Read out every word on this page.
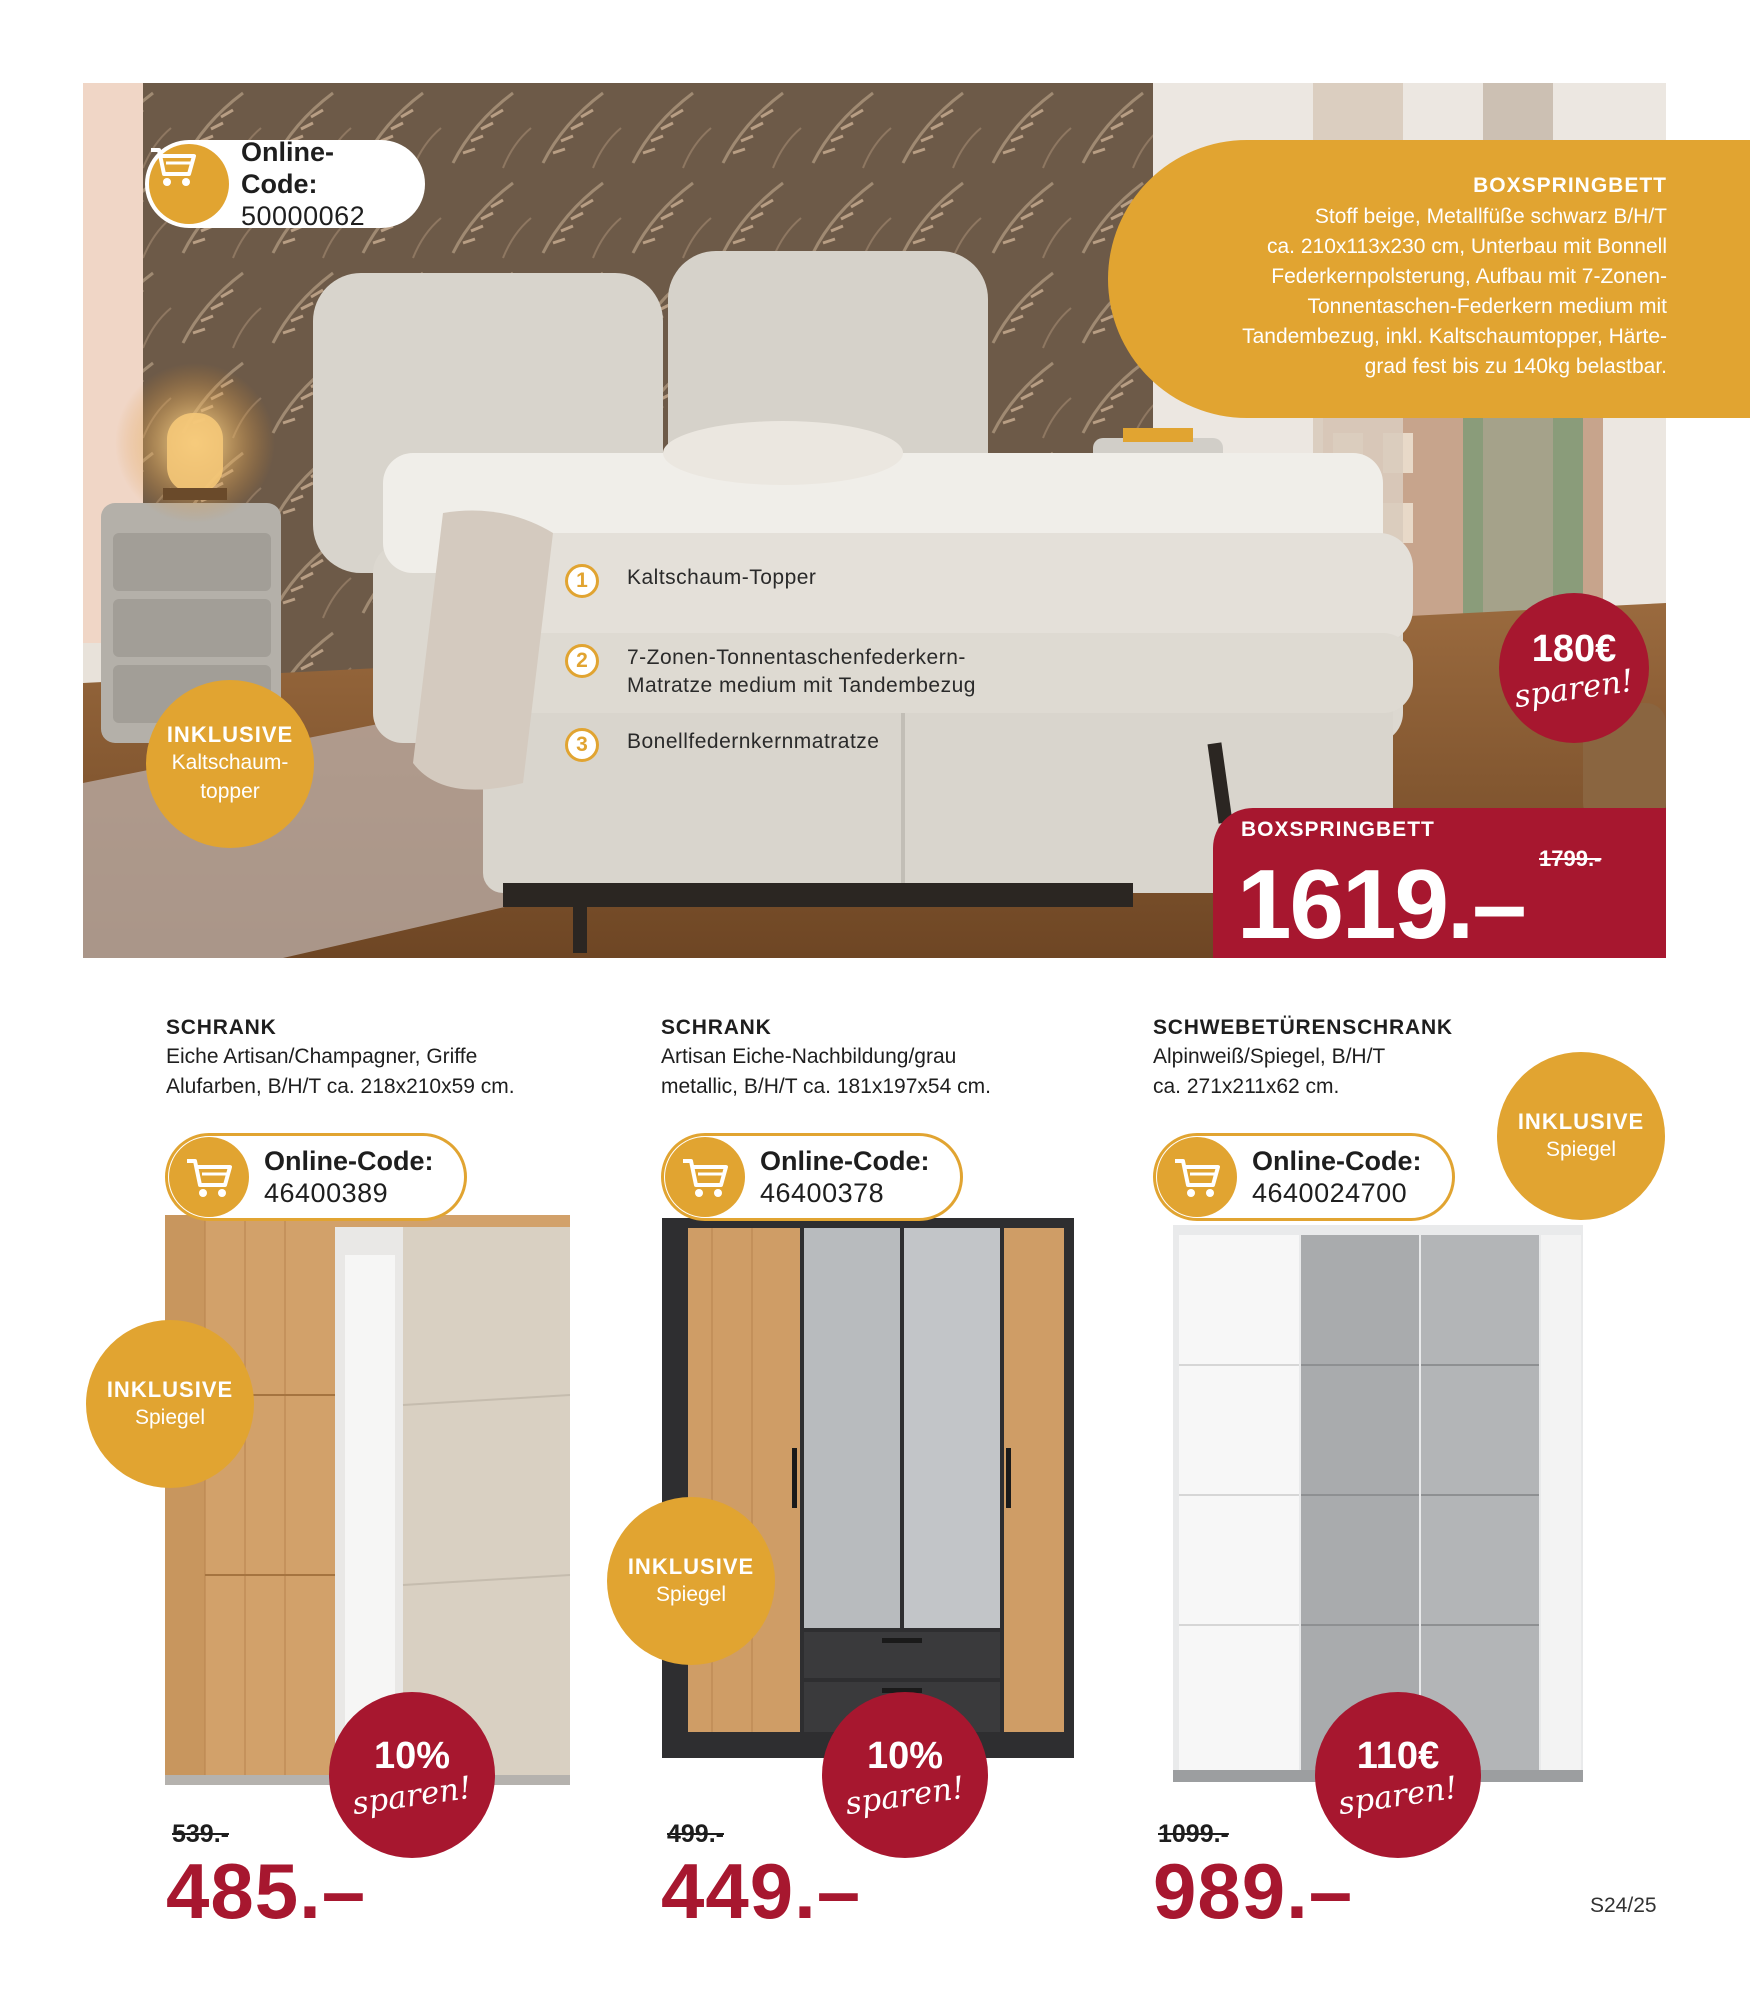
Online-Code:
50000062
INKLUSIVE
Kaltschaum-
topper
1	Kaltschaum-Topper
2	7-Zonen-Tonnentaschenfederkern-
Matratze medium mit Tandembezug
3	Bonellfedernkernmatratze
180€
sparen!
BOXSPRINGBETT
Stoff beige, Metallfüße schwarz B/H/T
ca. 210x113x230 cm, Unterbau mit Bonnell
Federkernpolsterung, Aufbau mit 7-Zonen-
Tonnentaschen-Federkern medium mit
Tandembezug, inkl. Kaltschaumtopper, Härte-
grad fest bis zu 140kg belastbar.
BOXSPRINGBETT
1799.-
1619.–
SCHRANK
Eiche Artisan/Champagner, Griffe
Alufarben, B/H/T ca. 218x210x59 cm.
Online-Code:
46400389
INKLUSIVE
Spiegel
10%
sparen!
539.-
485.–
SCHRANK
Artisan Eiche-Nachbildung/grau
metallic, B/H/T ca. 181x197x54 cm.
Online-Code:
46400378
INKLUSIVE
Spiegel
10%
sparen!
499.-
449.–
SCHWEBETÜRENSCHRANK
Alpinweiß/Spiegel, B/H/T
ca. 271x211x62 cm.
Online-Code:
4640024700
INKLUSIVE
Spiegel
110€
sparen!
1099.-
989.–	S24/25
